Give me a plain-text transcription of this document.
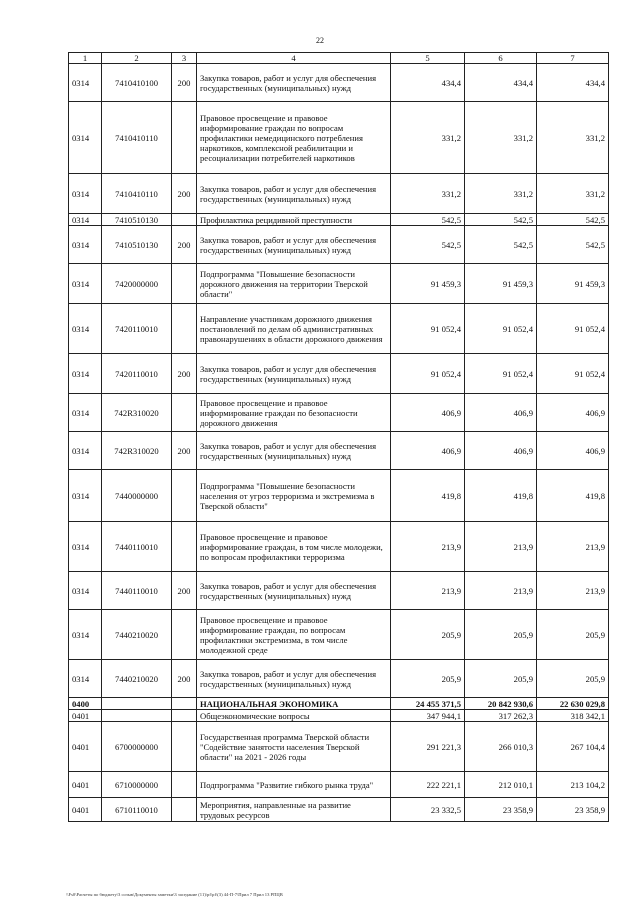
22
1	2	3	4	5	6	7
0314	7410410100	200	Закупка товаров, работ и услуг для обеспечения государственных (муниципальных) нужд	434,4	434,4	434,4
0314	7410410110		Правовое просвещение и правовое информирование граждан по вопросам профилактики немедицинского потребления наркотиков, комплексной реабилитации и ресоциализации потребителей наркотиков	331,2	331,2	331,2
0314	7410410110	200	Закупка товаров, работ и услуг для обеспечения государственных (муниципальных) нужд	331,2	331,2	331,2
0314	7410510130		Профилактика рецидивной преступности	542,5	542,5	542,5
0314	7410510130	200	Закупка товаров, работ и услуг для обеспечения государственных (муниципальных) нужд	542,5	542,5	542,5
0314	7420000000		Подпрограмма "Повышение безопасности дорожного движения на территории Тверской области"	91 459,3	91 459,3	91 459,3
0314	7420110010		Направление участникам дорожного движения постановлений по делам об административных правонарушениях в области дорожного движения	91 052,4	91 052,4	91 052,4
0314	7420110010	200	Закупка товаров, работ и услуг для обеспечения государственных (муниципальных) нужд	91 052,4	91 052,4	91 052,4
0314	742R310020		Правовое просвещение и правовое информирование граждан по безопасности дорожного движения	406,9	406,9	406,9
0314	742R310020	200	Закупка товаров, работ и услуг для обеспечения государственных (муниципальных) нужд	406,9	406,9	406,9
0314	7440000000		Подпрограмма "Повышение безопасности населения от угроз терроризма и экстремизма в Тверской области"	419,8	419,8	419,8
0314	7440110010		Правовое просвещение и правовое информирование граждан, в том числе молодежи, по вопросам профилактики терроризма	213,9	213,9	213,9
0314	7440110010	200	Закупка товаров, работ и услуг для обеспечения государственных (муниципальных) нужд	213,9	213,9	213,9
0314	7440210020		Правовое просвещение и правовое информирование граждан, по вопросам профилактики экстремизма, в том числе молодежной среде	205,9	205,9	205,9
0314	7440210020	200	Закупка товаров, работ и услуг для обеспечения государственных (муниципальных) нужд	205,9	205,9	205,9
0400			НАЦИОНАЛЬНАЯ ЭКОНОМИКА	24 455 371,5	20 842 930,6	22 630 029,8
0401			Общеэкономические вопросы	347 944,1	317 262,3	318 342,1
0401	6700000000		Государственная программа Тверской области "Содействие занятости населения Тверской области" на 2021 - 2026 годы	291 221,3	266 010,3	267 104,4
0401	6710000000		Подпрограмма "Развитие гибкого рынка труда"	222 221,1	212 010,1	213 104,2
0401	6710110010		Мероприятия, направленные на развитие трудовых ресурсов	23 332,5	23 358,9	23 358,9
\\Fs0\Расчеты по бюджету\3 созыв\Документы заметки\3 заседание (11)\pf\pf\(3) 44-П-7\Прил 7 Прил 13 РПЦВ
